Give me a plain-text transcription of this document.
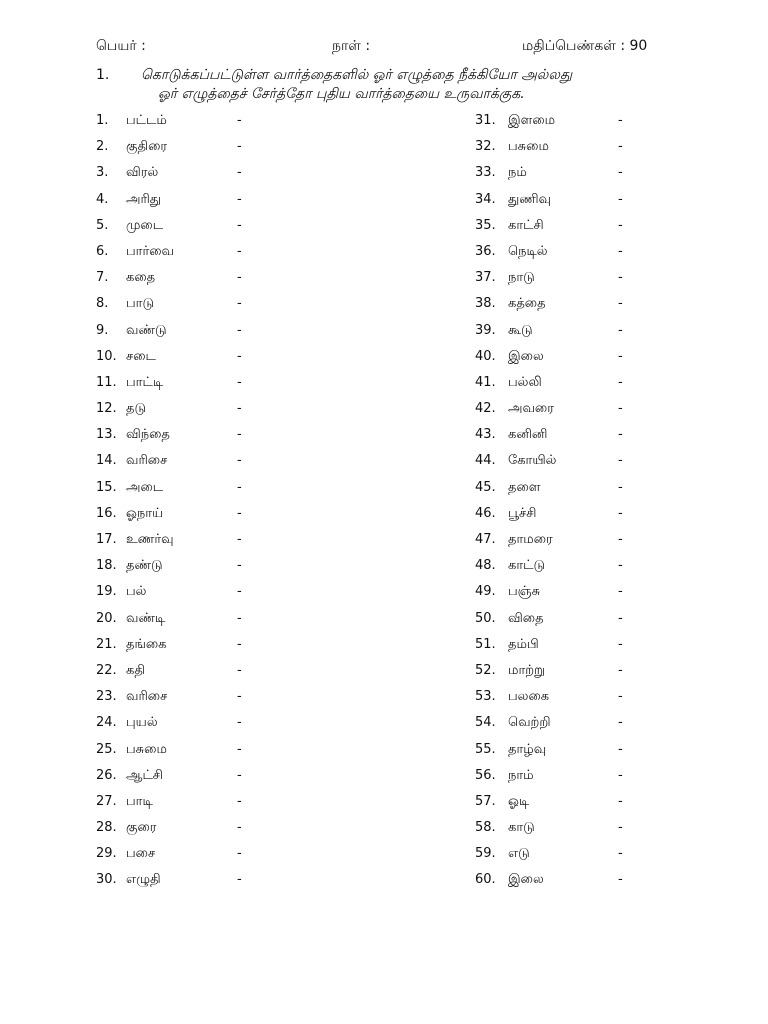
பெயர் :	நாள் :	மதிப்பெண்கள் : 90
1. கொடுக்கப்பட்டுள்ள வார்த்தைகளில் ஓர் எழுத்தை நீக்கியோ அல்லது
ஓர் எழுத்தைச் சேர்த்தோ புதிய வார்த்தையை உருவாக்குக.
1. பட்டம்	-
2. குதிரை	-
3. விரல்	-
4. அரிது	-
5. முடை	-
6. பார்வை	-
7. கதை	-
8. பாடு	-
9. வண்டு	-
10. சடை	-
11. பாட்டி	-
12. தடு	-
13. விந்தை	-
14. வரிசை	-
15. அடை	-
16. ஓநாய்	-
17. உணர்வு	-
18. தண்டு	-
19. பல்	-
20. வண்டி	-
21. தங்கை	-
22. கதி	-
23. வரிசை	-
24. புயல்	-
25. பசுமை	-
26. ஆட்சி	-
27. பாடி	-
28. குரை	-
29. பசை	-
30. எழுதி	-
31. இளமை	-
32. பசுமை	-
33. நம்	-
34. துணிவு	-
35. காட்சி	-
36. நெடில்	-
37. நாடு	-
38. கத்தை	-
39. கூடு	-
40. இலை	-
41. பல்லி	-
42. அவரை	-
43. கனினி	-
44. கோயில்	-
45. தளை	-
46. பூச்சி	-
47. தாமரை	-
48. காட்டு	-
49. பஞ்சு	-
50. விதை	-
51. தம்பி	-
52. மாற்று	-
53. பலகை	-
54. வெற்றி	-
55. தாழ்வு	-
56. நாம்	-
57. ஓடி	-
58. காடு	-
59. எடு	-
60. இலை	-
